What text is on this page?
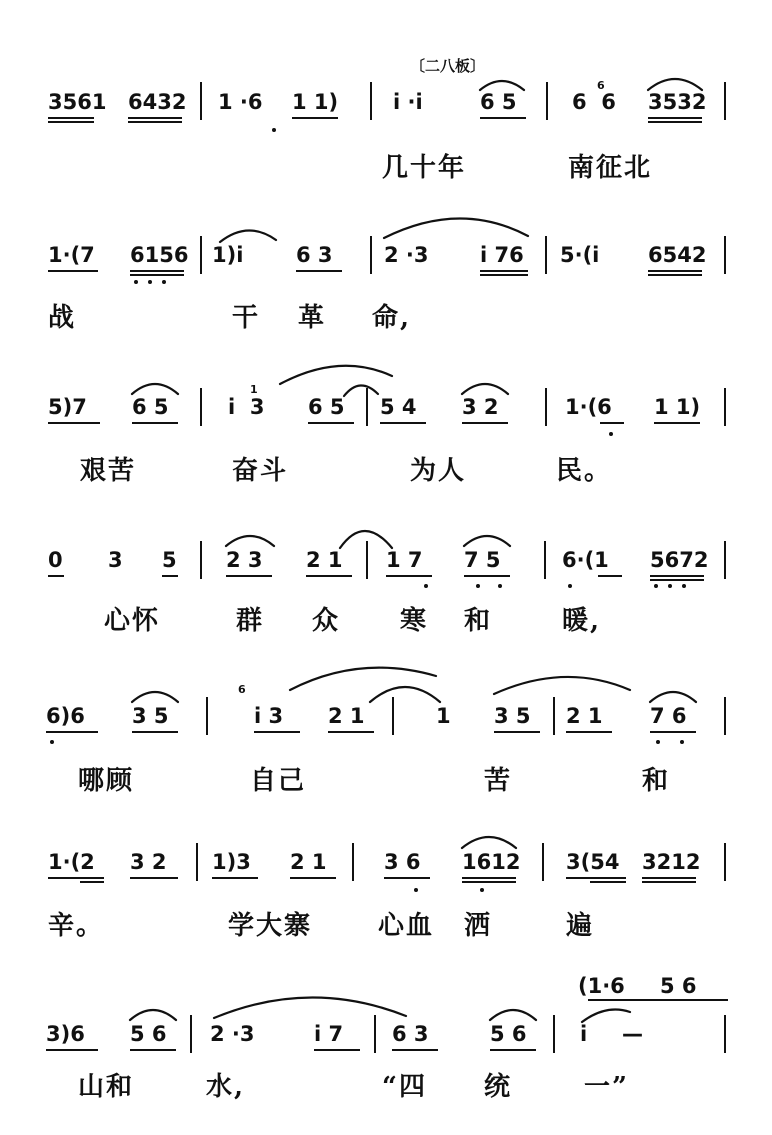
〔二八板〕
3561 6432 1 ·6 1 1)	i ·i	6 5	6  6
6
3532
几十年	南征北
1·(7 6156 1)i	6 3 2 ·3 i 76 5·(i 6542
战	干 革 命,
5)7 6 5	i  3
1
6 5 5 4 3 2	1·(6 1 1)
艰苦	奋斗	为人	民。
0 3 5 2 3 2 1 1 7 7 5	6·(1 5672
心怀	群 众 寒 和	暖,
6)6 3 5
6
i 3 2 1	1 3 5 2 1 7 6
哪顾	自己	苦	和
1·(2 3 2 1)3 2 1	3 6 1612 3(54 3212
辛。	学大寨	心血 洒	遍
(1·6 5 6
3)6 5 6 2 ·3	i 7 6 3	5 6	i —
山和	水,	“四 统	一”
